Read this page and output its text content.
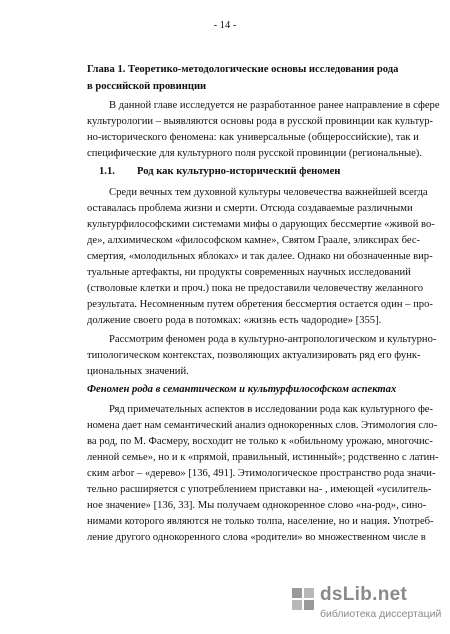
- 14 -
Глава 1. Теоретико-методологические основы исследования рода
в российской провинции
В данной главе исследуется не разработанное ранее направление в сфере
культурологии – выявляются основы рода в русской провинции как культур-
но-исторического феномена: как универсальные (общероссийские), так и
специфические для культурного поля русской провинции (региональные).
1.1. Род как культурно-исторический феномен
Среди вечных тем духовной культуры человечества важнейшей всегда
оставалась проблема жизни и смерти. Отсюда создаваемые различными
культурфилософскими системами мифы о дарующих бессмертие «живой во-
де», алхимическом «философском камне», Святом Граале, эликсирах бес-
смертия, «молодильных яблоках» и так далее. Однако ни обозначенные вир-
туальные артефакты, ни продукты современных научных исследований
(стволовые клетки и проч.) пока не предоставили человечеству желанного
результата. Несомненным путем обретения бессмертия остается один – про-
должение своего рода в потомках: «жизнь есть чадородие» [355].
Рассмотрим феномен рода в культурно-антропологическом и культурно-
типологическом контекстах, позволяющих актуализировать ряд его функ-
циональных значений.
Феномен рода в семантическом и культурфилософском аспектах
Ряд примечательных аспектов в исследовании рода как культурного фе-
номена дает нам семантический анализ однокоренных слов. Этимология сло-
ва род, по М. Фасмеру, восходит не только к «обильному урожаю, многочис-
ленной семье», но и к «прямой, правильный, истинный»; родственно с латин-
ским arbor – «дерево» [136, 491]. Этимологическое пространство рода значи-
тельно расширяется с употреблением приставки на- , имеющей «усилитель-
ное значение» [136, 33]. Мы получаем однокоренное слово «на-род», сино-
нимами которого являются не только толпа, население, но и нация. Употреб-
ление другого однокоренного слова «родители» во множественном числе в
dsLib.net
библиотека диссертаций
